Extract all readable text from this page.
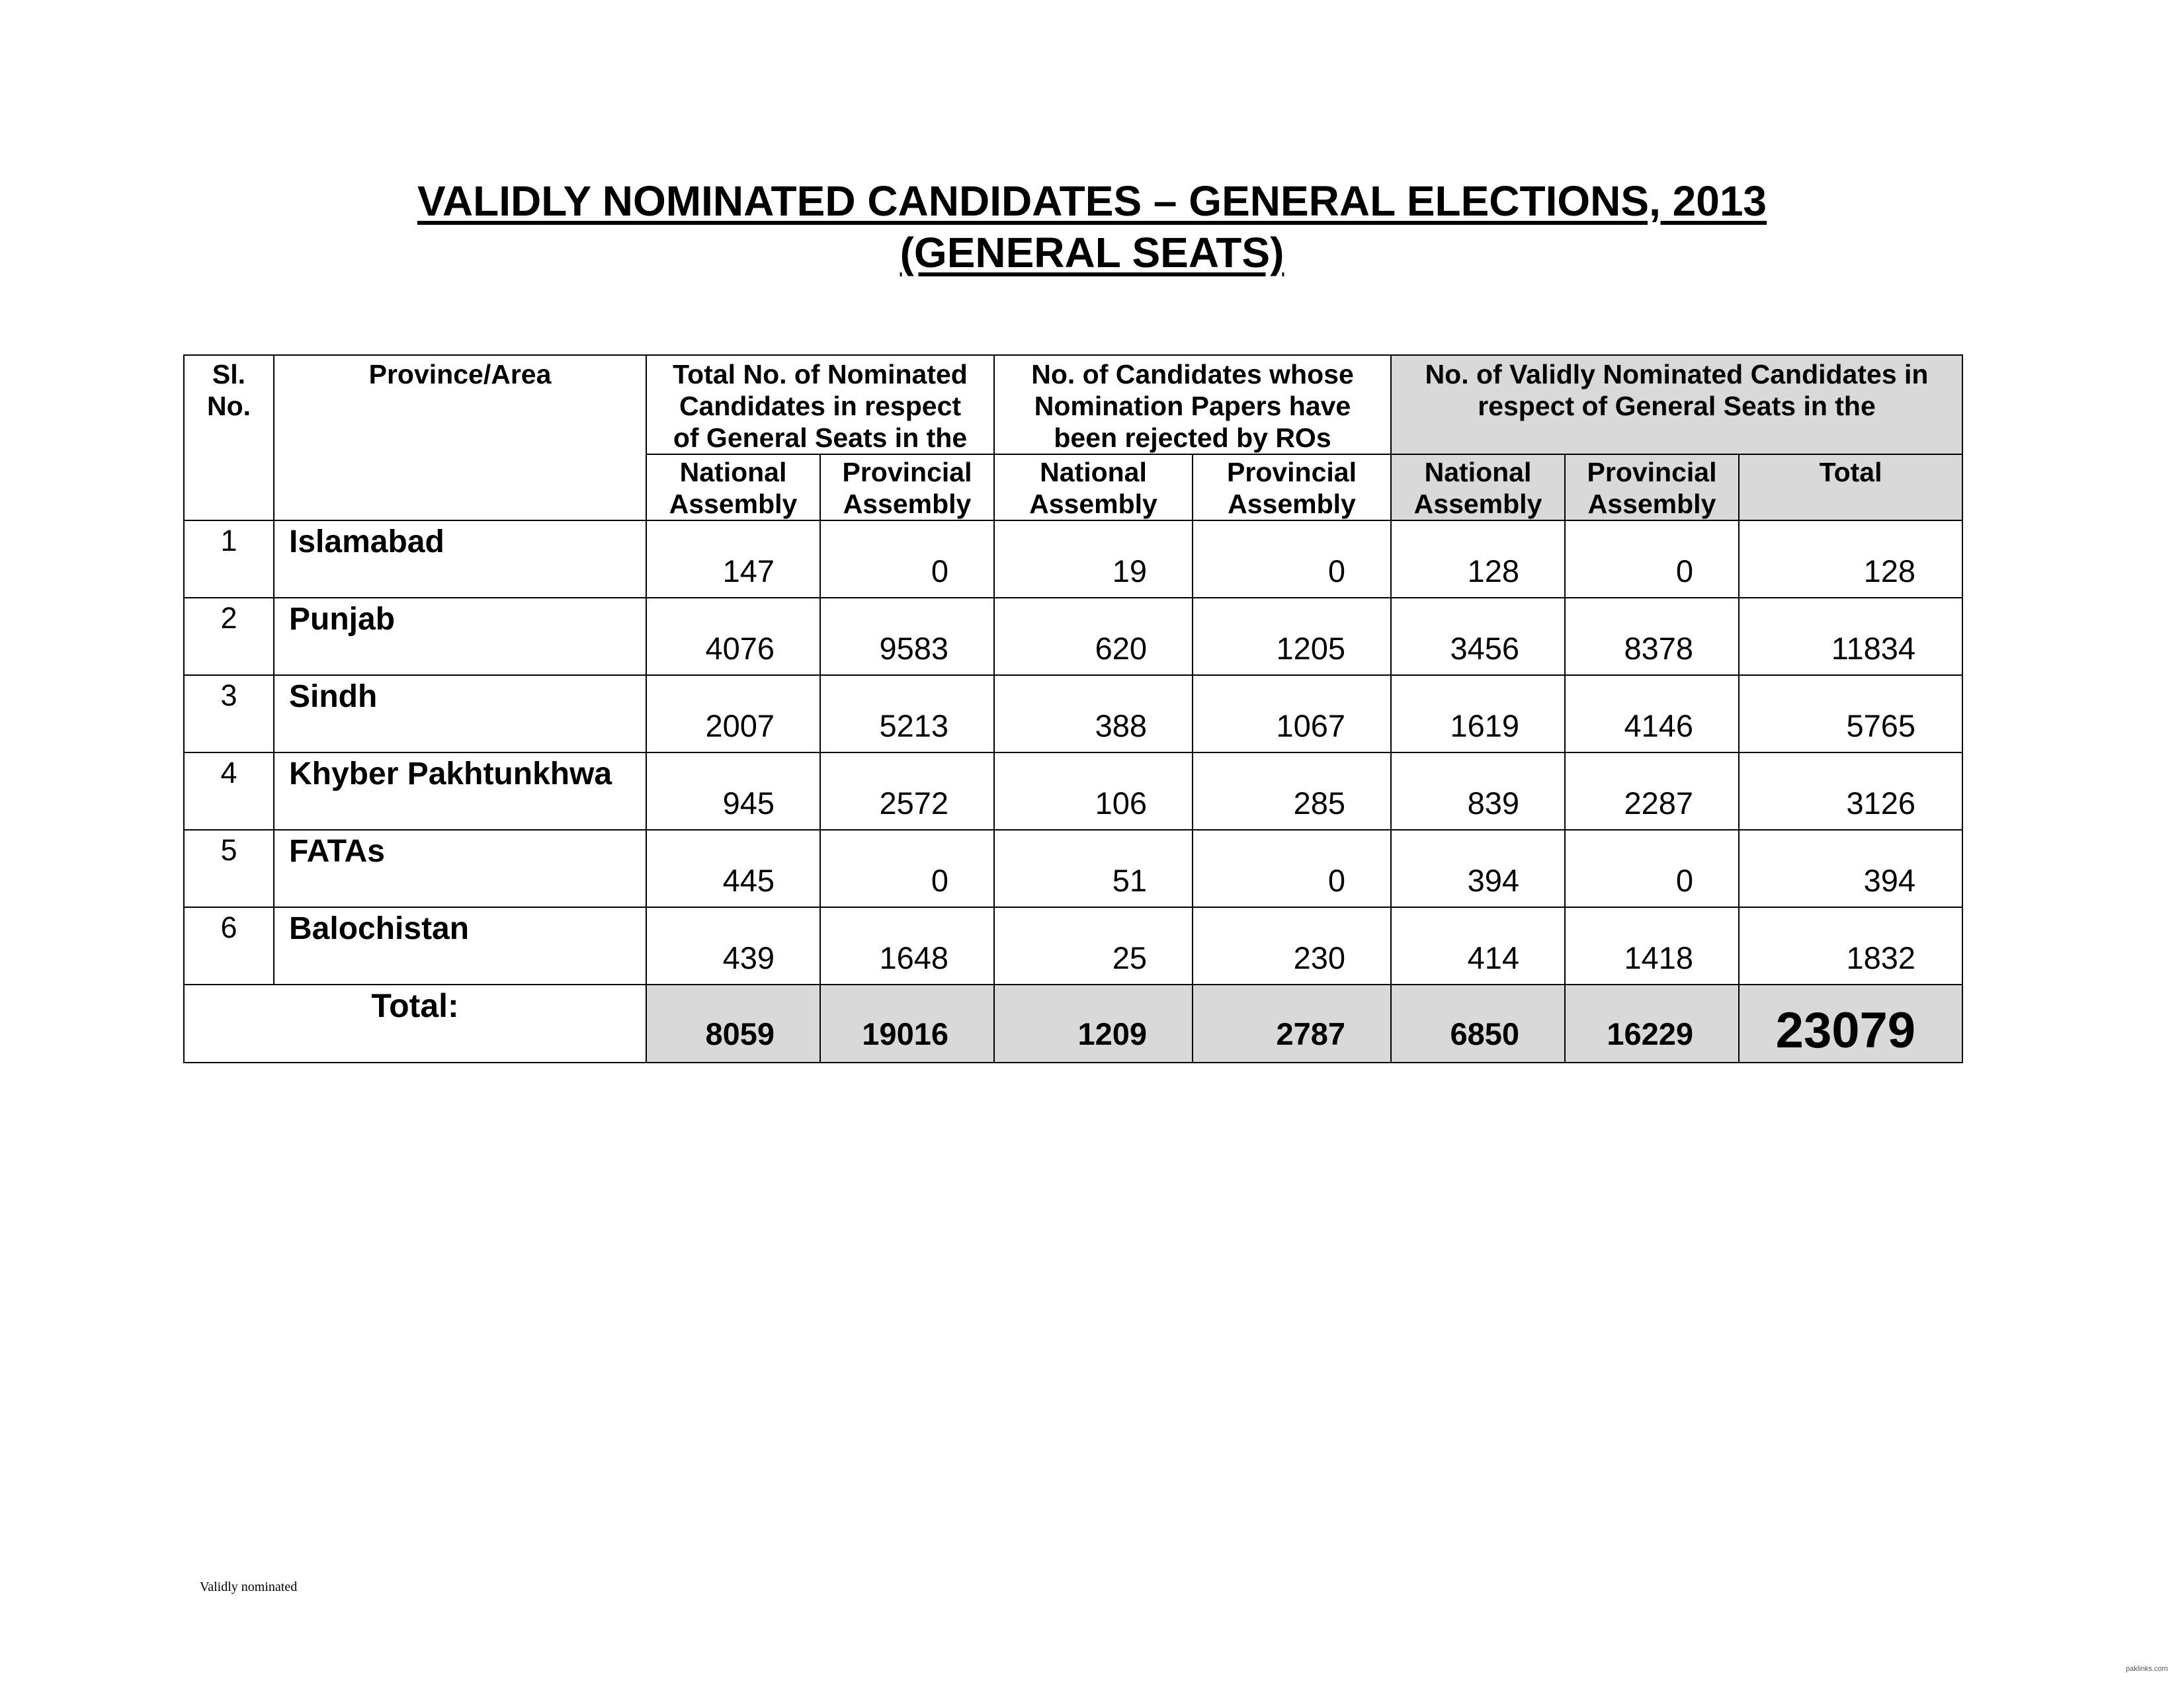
VALIDLY NOMINATED CANDIDATES – GENERAL ELECTIONS, 2013
(GENERAL SEATS)
Sl. No.	Province/Area	Total No. of Nominated Candidates in respect of General Seats in the		No. of Candidates whose Nomination Papers have been rejected by ROs		No. of Validly Nominated Candidates in respect of General Seats in the		
		National Assembly	Provincial Assembly	National Assembly	Provincial Assembly	National Assembly	Provincial Assembly	Total
1	Islamabad	147	0	19	0	128	0	128
2	Punjab	4076	9583	620	1205	3456	8378	11834
3	Sindh	2007	5213	388	1067	1619	4146	5765
4	Khyber Pakhtunkhwa	945	2572	106	285	839	2287	3126
5	FATAs	445	0	51	0	394	0	394
6	Balochistan	439	1648	25	230	414	1418	1832
Total:		8059	19016	1209	2787	6850	16229	23079
Validly nominated
paklinks.com
